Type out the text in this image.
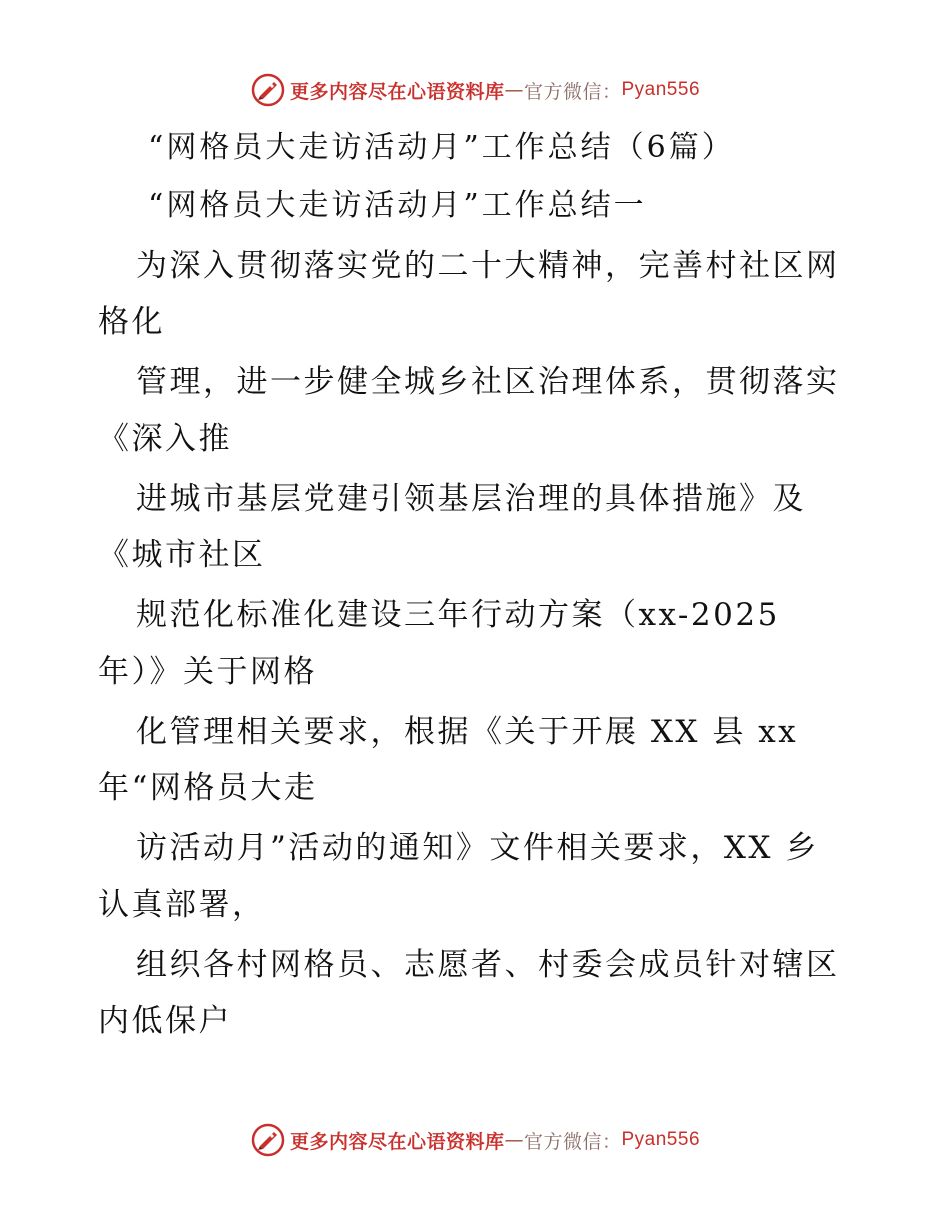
更多内容尽在心语资料库 — 官方微信： Pyan556
“网格员大走访活动月”工作总结（6篇）
“网格员大走访活动月”工作总结一
为深入贯彻落实党的二十大精神，完善村社区网
格化
管理，进一步健全城乡社区治理体系，贯彻落实
《深入推
进城市基层党建引领基层治理的具体措施》及
《城市社区
规范化标准化建设三年行动方案（xx-2025
年）》关于网格
化管理相关要求，根据《关于开展 XX 县 xx
年“网格员大走
访活动月”活动的通知》文件相关要求，XX 乡
认真部署，
组织各村网格员、志愿者、村委会成员针对辖区
内低保户
更多内容尽在心语资料库 — 官方微信： Pyan556
